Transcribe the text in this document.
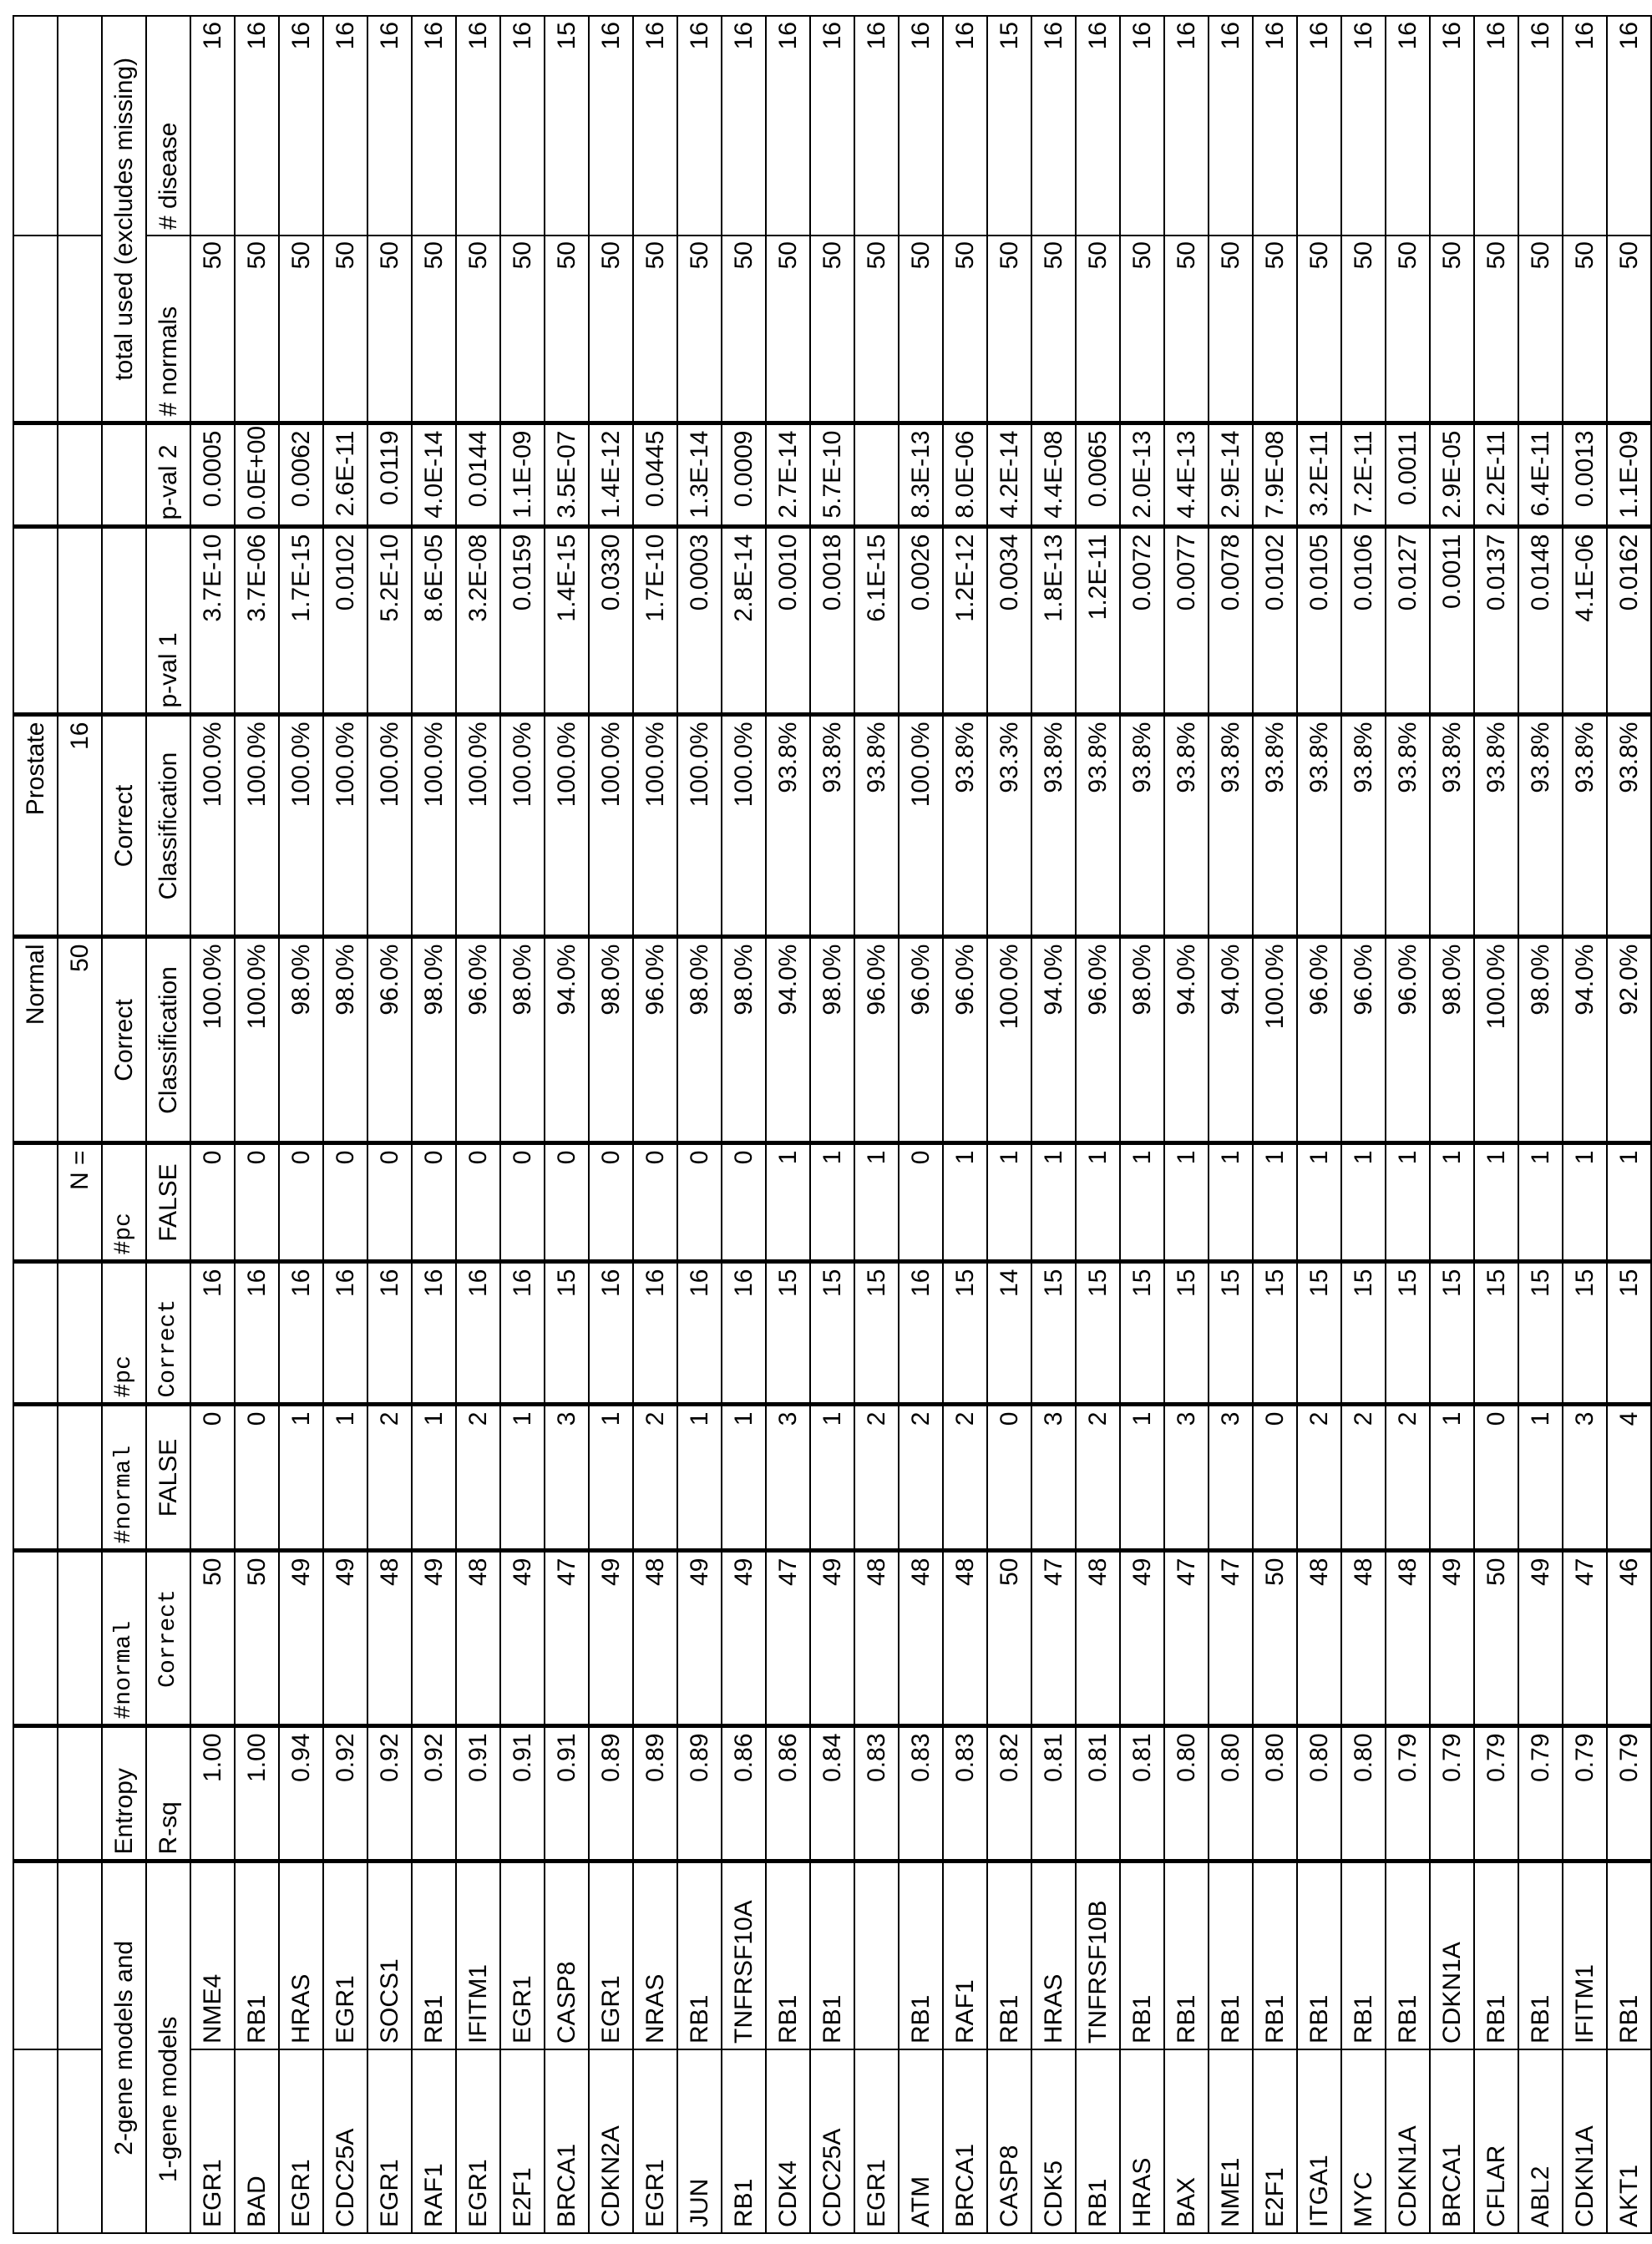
							Normal	Prostate				
						N =	50	16				
2-gene models and		Entropy	#normal	#normal	#pc	#pc	Correct	Correct			total used (excludes missing)	
1-gene models		R-sq	Correct	FALSE	Correct	FALSE	Classification	Classification	p-val 1	p-val 2	# normals	# disease
EGR1	NME4	1.00	50	0	16	0	100.0%	100.0%	3.7E-10	0.0005	50	16
BAD	RB1	1.00	50	0	16	0	100.0%	100.0%	3.7E-06	0.0E+00	50	16
EGR1	HRAS	0.94	49	1	16	0	98.0%	100.0%	1.7E-15	0.0062	50	16
CDC25A	EGR1	0.92	49	1	16	0	98.0%	100.0%	0.0102	2.6E-11	50	16
EGR1	SOCS1	0.92	48	2	16	0	96.0%	100.0%	5.2E-10	0.0119	50	16
RAF1	RB1	0.92	49	1	16	0	98.0%	100.0%	8.6E-05	4.0E-14	50	16
EGR1	IFITM1	0.91	48	2	16	0	96.0%	100.0%	3.2E-08	0.0144	50	16
E2F1	EGR1	0.91	49	1	16	0	98.0%	100.0%	0.0159	1.1E-09	50	16
BRCA1	CASP8	0.91	47	3	15	0	94.0%	100.0%	1.4E-15	3.5E-07	50	15
CDKN2A	EGR1	0.89	49	1	16	0	98.0%	100.0%	0.0330	1.4E-12	50	16
EGR1	NRAS	0.89	48	2	16	0	96.0%	100.0%	1.7E-10	0.0445	50	16
JUN	RB1	0.89	49	1	16	0	98.0%	100.0%	0.0003	1.3E-14	50	16
RB1	TNFRSF10A	0.86	49	1	16	0	98.0%	100.0%	2.8E-14	0.0009	50	16
CDK4	RB1	0.86	47	3	15	1	94.0%	93.8%	0.0010	2.7E-14	50	16
CDC25A	RB1	0.84	49	1	15	1	98.0%	93.8%	0.0018	5.7E-10	50	16
EGR1		0.83	48	2	15	1	96.0%	93.8%	6.1E-15		50	16
ATM	RB1	0.83	48	2	16	0	96.0%	100.0%	0.0026	8.3E-13	50	16
BRCA1	RAF1	0.83	48	2	15	1	96.0%	93.8%	1.2E-12	8.0E-06	50	16
CASP8	RB1	0.82	50	0	14	1	100.0%	93.3%	0.0034	4.2E-14	50	15
CDK5	HRAS	0.81	47	3	15	1	94.0%	93.8%	1.8E-13	4.4E-08	50	16
RB1	TNFRSF10B	0.81	48	2	15	1	96.0%	93.8%	1.2E-11	0.0065	50	16
HRAS	RB1	0.81	49	1	15	1	98.0%	93.8%	0.0072	2.0E-13	50	16
BAX	RB1	0.80	47	3	15	1	94.0%	93.8%	0.0077	4.4E-13	50	16
NME1	RB1	0.80	47	3	15	1	94.0%	93.8%	0.0078	2.9E-14	50	16
E2F1	RB1	0.80	50	0	15	1	100.0%	93.8%	0.0102	7.9E-08	50	16
ITGA1	RB1	0.80	48	2	15	1	96.0%	93.8%	0.0105	3.2E-11	50	16
MYC	RB1	0.80	48	2	15	1	96.0%	93.8%	0.0106	7.2E-11	50	16
CDKN1A	RB1	0.79	48	2	15	1	96.0%	93.8%	0.0127	0.0011	50	16
BRCA1	CDKN1A	0.79	49	1	15	1	98.0%	93.8%	0.0011	2.9E-05	50	16
CFLAR	RB1	0.79	50	0	15	1	100.0%	93.8%	0.0137	2.2E-11	50	16
ABL2	RB1	0.79	49	1	15	1	98.0%	93.8%	0.0148	6.4E-11	50	16
CDKN1A	IFITM1	0.79	47	3	15	1	94.0%	93.8%	4.1E-06	0.0013	50	16
AKT1	RB1	0.79	46	4	15	1	92.0%	93.8%	0.0162	1.1E-09	50	16
